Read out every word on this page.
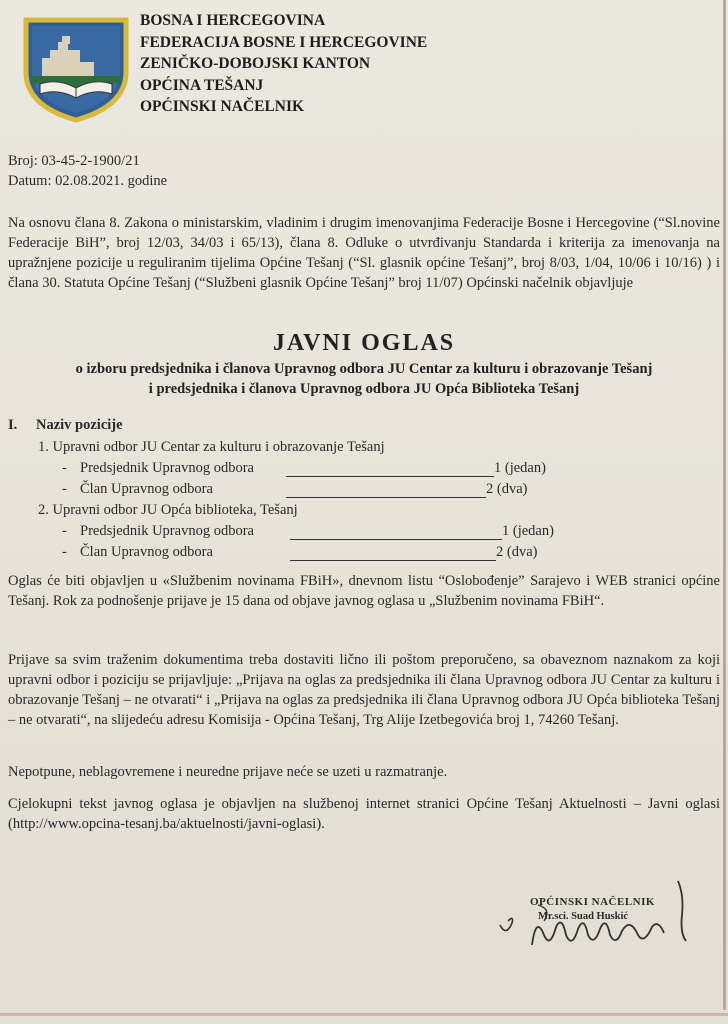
BOSNA I HERCEGOVINA
FEDERACIJA BOSNE I HERCEGOVINE
ZENIČKO-DOBOJSKI KANTON
OPĆINA TEŠANJ
OPĆINSKI NAČELNIK
Broj: 03-45-2-1900/21
Datum: 02.08.2021. godine
Na osnovu člana 8. Zakona o ministarskim, vladinim i drugim imenovanjima Federacije Bosne i Hercegovine (“Sl.novine Federacije BiH”, broj 12/03, 34/03 i 65/13), člana 8. Odluke o utvrđivanju Standarda i kriterija za imenovanja na upražnjene pozicije u reguliranim tijelima Općine Tešanj (“Sl. glasnik općine Tešanj”, broj 8/03, 1/04, 10/06 i 10/16) ) i člana 30. Statuta Općine Tešanj (“Službeni glasnik Općine Tešanj” broj 11/07) Općinski načelnik objavljuje
JAVNI OGLAS
o izboru predsjednika i članova Upravnog odbora JU Centar za kulturu i obrazovanje Tešanj
i predsjednika i članova Upravnog odbora JU Opća Biblioteka Tešanj
I. Naziv pozicije
1. Upravni odbor JU Centar za kulturu i obrazovanje Tešanj
- Predsjednik Upravnog odbora	1 (jedan)
- Član Upravnog odbora	2 (dva)
2. Upravni odbor JU Opća biblioteka, Tešanj
- Predsjednik Upravnog odbora	1 (jedan)
- Član Upravnog odbora	2 (dva)
Oglas će biti objavljen u «Službenim novinama FBiH», dnevnom listu “Oslobođenje” Sarajevo i WEB stranici općine Tešanj. Rok za podnošenje prijave je 15 dana od objave javnog oglasa u „Službenim novinama FBiH“.
Prijave sa svim traženim dokumentima treba dostaviti lično ili poštom preporučeno, sa obaveznom naznakom za koji upravni odbor i poziciju se prijavljuje: „Prijava na oglas za predsjednika ili člana Upravnog odbora JU Centar za kulturu i obrazovanje Tešanj – ne otvarati“ i „Prijava na oglas za predsjednika ili člana Upravnog odbora JU Opća biblioteka Tešanj – ne otvarati“, na slijedeću adresu Komisija - Općina Tešanj, Trg Alije Izetbegovića broj 1, 74260 Tešanj.
Nepotpune, neblagovremene i neuredne prijave neće se uzeti u razmatranje.
Cjelokupni tekst javnog oglasa je objavljen na službenoj internet stranici Općine Tešanj Aktuelnosti – Javni oglasi (http://www.opcina-tesanj.ba/aktuelnosti/javni-oglasi).
OPĆINSKI NAČELNIK
Mr.sci. Suad Huskić
